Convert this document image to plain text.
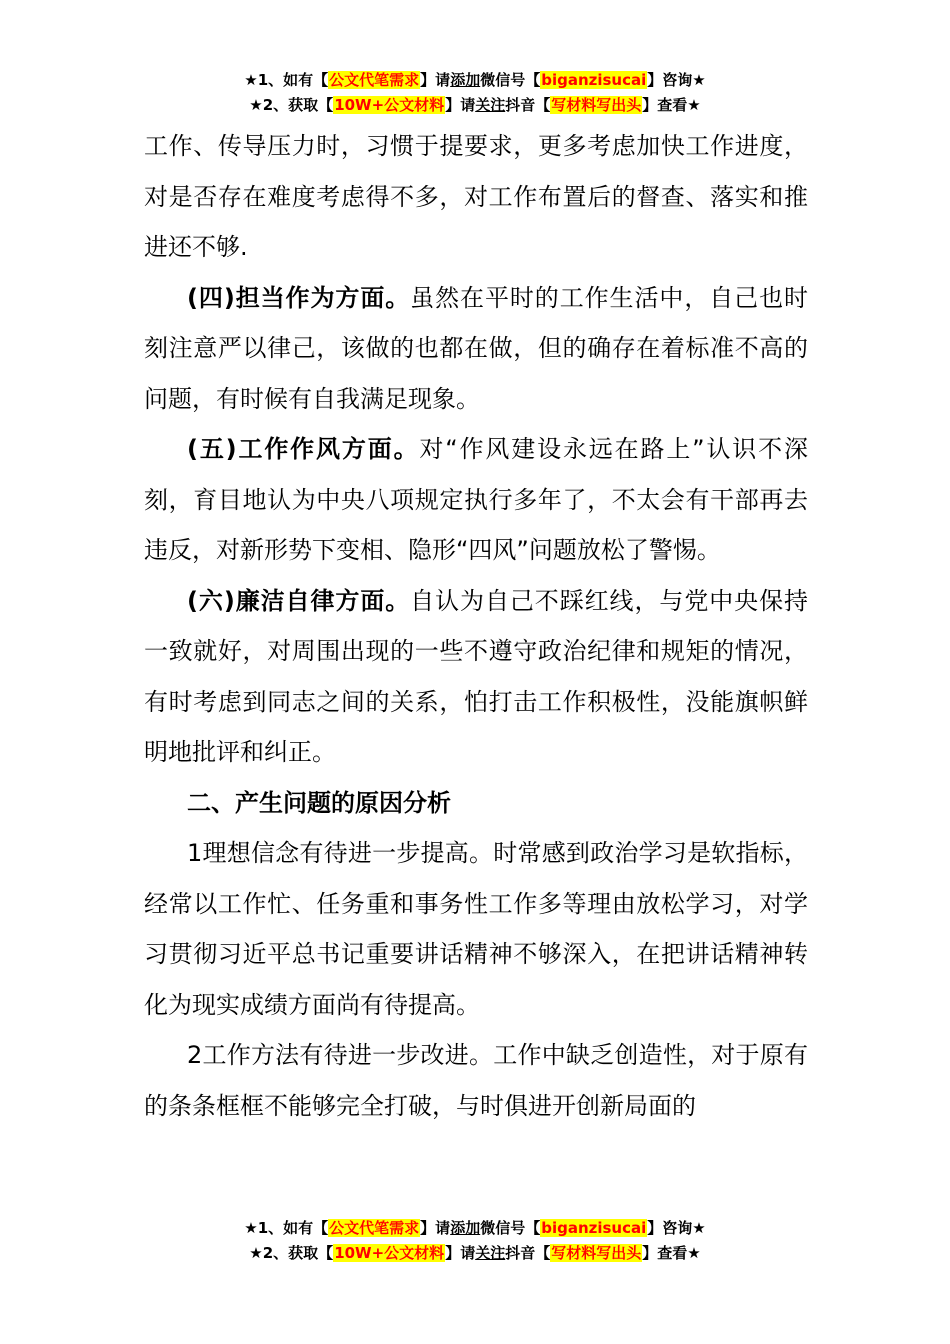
★1、如有【公文代笔需求】请添加微信号【biganzisucai】咨询★
★2、获取【10W+公文材料】请关注抖音【写材料写出头】查看★

工作、传导压力时，习惯于提要求，更多考虑加快工作进度，对是否存在难度考虑得不多，对工作布置后的督查、落实和推进还不够.

(四)担当作为方面。虽然在平时的工作生活中，自己也时刻注意严以律己，该做的也都在做，但的确存在着标准不高的问题，有时候有自我满足现象。

(五)工作作风方面。对“作风建设永远在路上”认识不深刻，育目地认为中央八项规定执行多年了，不太会有干部再去违反，对新形势下变相、隐形“四风”问题放松了警惕。

(六)廉洁自律方面。自认为自己不踩红线，与党中央保持一致就好，对周围出现的一些不遵守政治纪律和规矩的情况，有时考虑到同志之间的关系，怕打击工作积极性，没能旗帜鲜明地批评和纠正。

二、产生问题的原因分析

1理想信念有待进一步提高。时常感到政治学习是软指标，经常以工作忙、任务重和事务性工作多等理由放松学习，对学习贯彻习近平总书记重要讲话精神不够深入，在把讲话精神转化为现实成绩方面尚有待提高。

2工作方法有待进一步改进。工作中缺乏创造性，对于原有的条条框框不能够完全打破，与时俱进开创新局面的

★1、如有【公文代笔需求】请添加微信号【biganzisucai】咨询★
★2、获取【10W+公文材料】请关注抖音【写材料写出头】查看★
